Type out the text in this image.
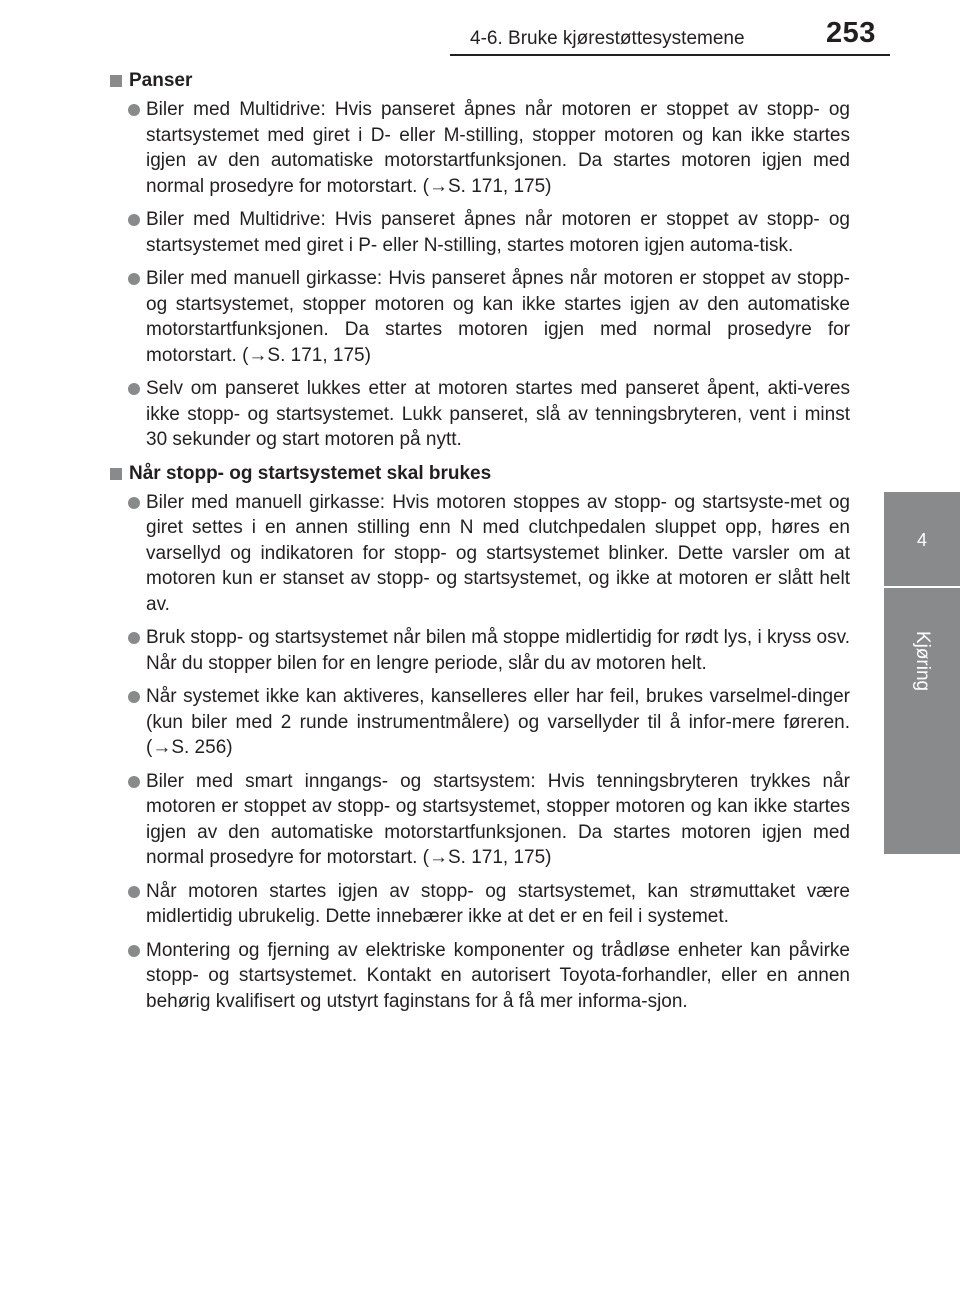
4-6. Bruke kjørestøttesystemene	253
4
Kjøring
Panser
Biler med Multidrive: Hvis panseret åpnes når motoren er stoppet av stopp- og startsystemet med giret i D- eller M-stilling, stopper motoren og kan ikke startes igjen av den automatiske motorstartfunksjonen. Da startes motoren igjen med normal prosedyre for motorstart. (→S. 171, 175)
Biler med Multidrive: Hvis panseret åpnes når motoren er stoppet av stopp- og startsystemet med giret i P- eller N-stilling, startes motoren igjen automa-tisk.
Biler med manuell girkasse: Hvis panseret åpnes når motoren er stoppet av stopp- og startsystemet, stopper motoren og kan ikke startes igjen av den automatiske motorstartfunksjonen. Da startes motoren igjen med normal prosedyre for motorstart. (→S. 171, 175)
Selv om panseret lukkes etter at motoren startes med panseret åpent, akti-veres ikke stopp- og startsystemet. Lukk panseret, slå av tenningsbryteren, vent i minst 30 sekunder og start motoren på nytt.
Når stopp- og startsystemet skal brukes
Biler med manuell girkasse: Hvis motoren stoppes av stopp- og startsyste-met og giret settes i en annen stilling enn N med clutchpedalen sluppet opp, høres en varsellyd og indikatoren for stopp- og startsystemet blinker. Dette varsler om at motoren kun er stanset av stopp- og startsystemet, og ikke at motoren er slått helt av.
Bruk stopp- og startsystemet når bilen må stoppe midlertidig for rødt lys, i kryss osv. Når du stopper bilen for en lengre periode, slår du av motoren helt.
Når systemet ikke kan aktiveres, kanselleres eller har feil, brukes varselmel-dinger (kun biler med 2 runde instrumentmålere) og varsellyder til å infor-mere føreren. (→S. 256)
Biler med smart inngangs- og startsystem: Hvis tenningsbryteren trykkes når motoren er stoppet av stopp- og startsystemet, stopper motoren og kan ikke startes igjen av den automatiske motorstartfunksjonen. Da startes motoren igjen med normal prosedyre for motorstart. (→S. 171, 175)
Når motoren startes igjen av stopp- og startsystemet, kan strømuttaket være midlertidig ubrukelig. Dette innebærer ikke at det er en feil i systemet.
Montering og fjerning av elektriske komponenter og trådløse enheter kan påvirke stopp- og startsystemet. Kontakt en autorisert Toyota-forhandler, eller en annen behørig kvalifisert og utstyrt faginstans for å få mer informa-sjon.
